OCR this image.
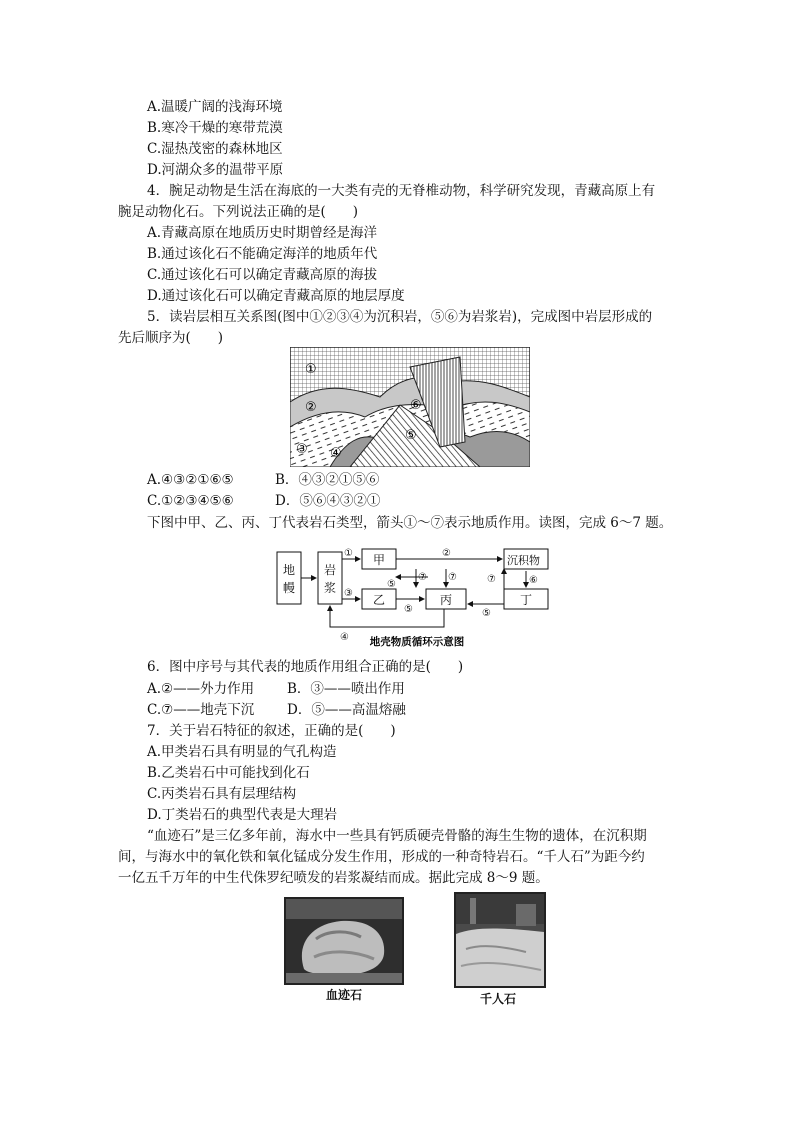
A.温暖广阔的浅海环境
B.寒冷干燥的寒带荒漠
C.湿热茂密的森林地区
D.河湖众多的温带平原
4．腕足动物是生活在海底的一大类有壳的无脊椎动物，科学研究发现，青藏高原上有
腕足动物化石。下列说法正确的是(　　)
A.青藏高原在地质历史时期曾经是海洋
B.通过该化石不能确定海洋的地质年代
C.通过该化石可以确定青藏高原的海拔
D.通过该化石可以确定青藏高原的地层厚度
5．读岩层相互关系图(图中①②③④为沉积岩，⑤⑥为岩浆岩)，完成图中岩层形成的
先后顺序为(　　)
①
②
③ ④
⑤
⑥
A.④③②①⑥⑤	B．④③②①⑤⑥
C.①②③④⑤⑥	D．⑤⑥④③②①
下图中甲、乙、丙、丁代表岩石类型，箭头①～⑦表示地质作用。读图，完成 6～7 题。
地
幔
岩
浆
甲
乙	丙
沉积物
丁
①	②
③
④
⑤
⑤	⑤
⑥
⑦ ⑦	⑦
地壳物质循环示意图
6．图中序号与其代表的地质作用组合正确的是(　　)
A.②——外力作用 B．③——喷出作用
C.⑦——地壳下沉 D．⑤——高温熔融
7．关于岩石特征的叙述，正确的是(　　)
A.甲类岩石具有明显的气孔构造
B.乙类岩石中可能找到化石
C.丙类岩石具有层理结构
D.丁类岩石的典型代表是大理岩
“血迹石”是三亿多年前，海水中一些具有钙质硬壳骨骼的海生生物的遗体，在沉积期
间，与海水中的氧化铁和氧化锰成分发生作用，形成的一种奇特岩石。“千人石”为距今约
一亿五千万年的中生代侏罗纪喷发的岩浆凝结而成。据此完成 8～9 题。
血迹石	千人石
